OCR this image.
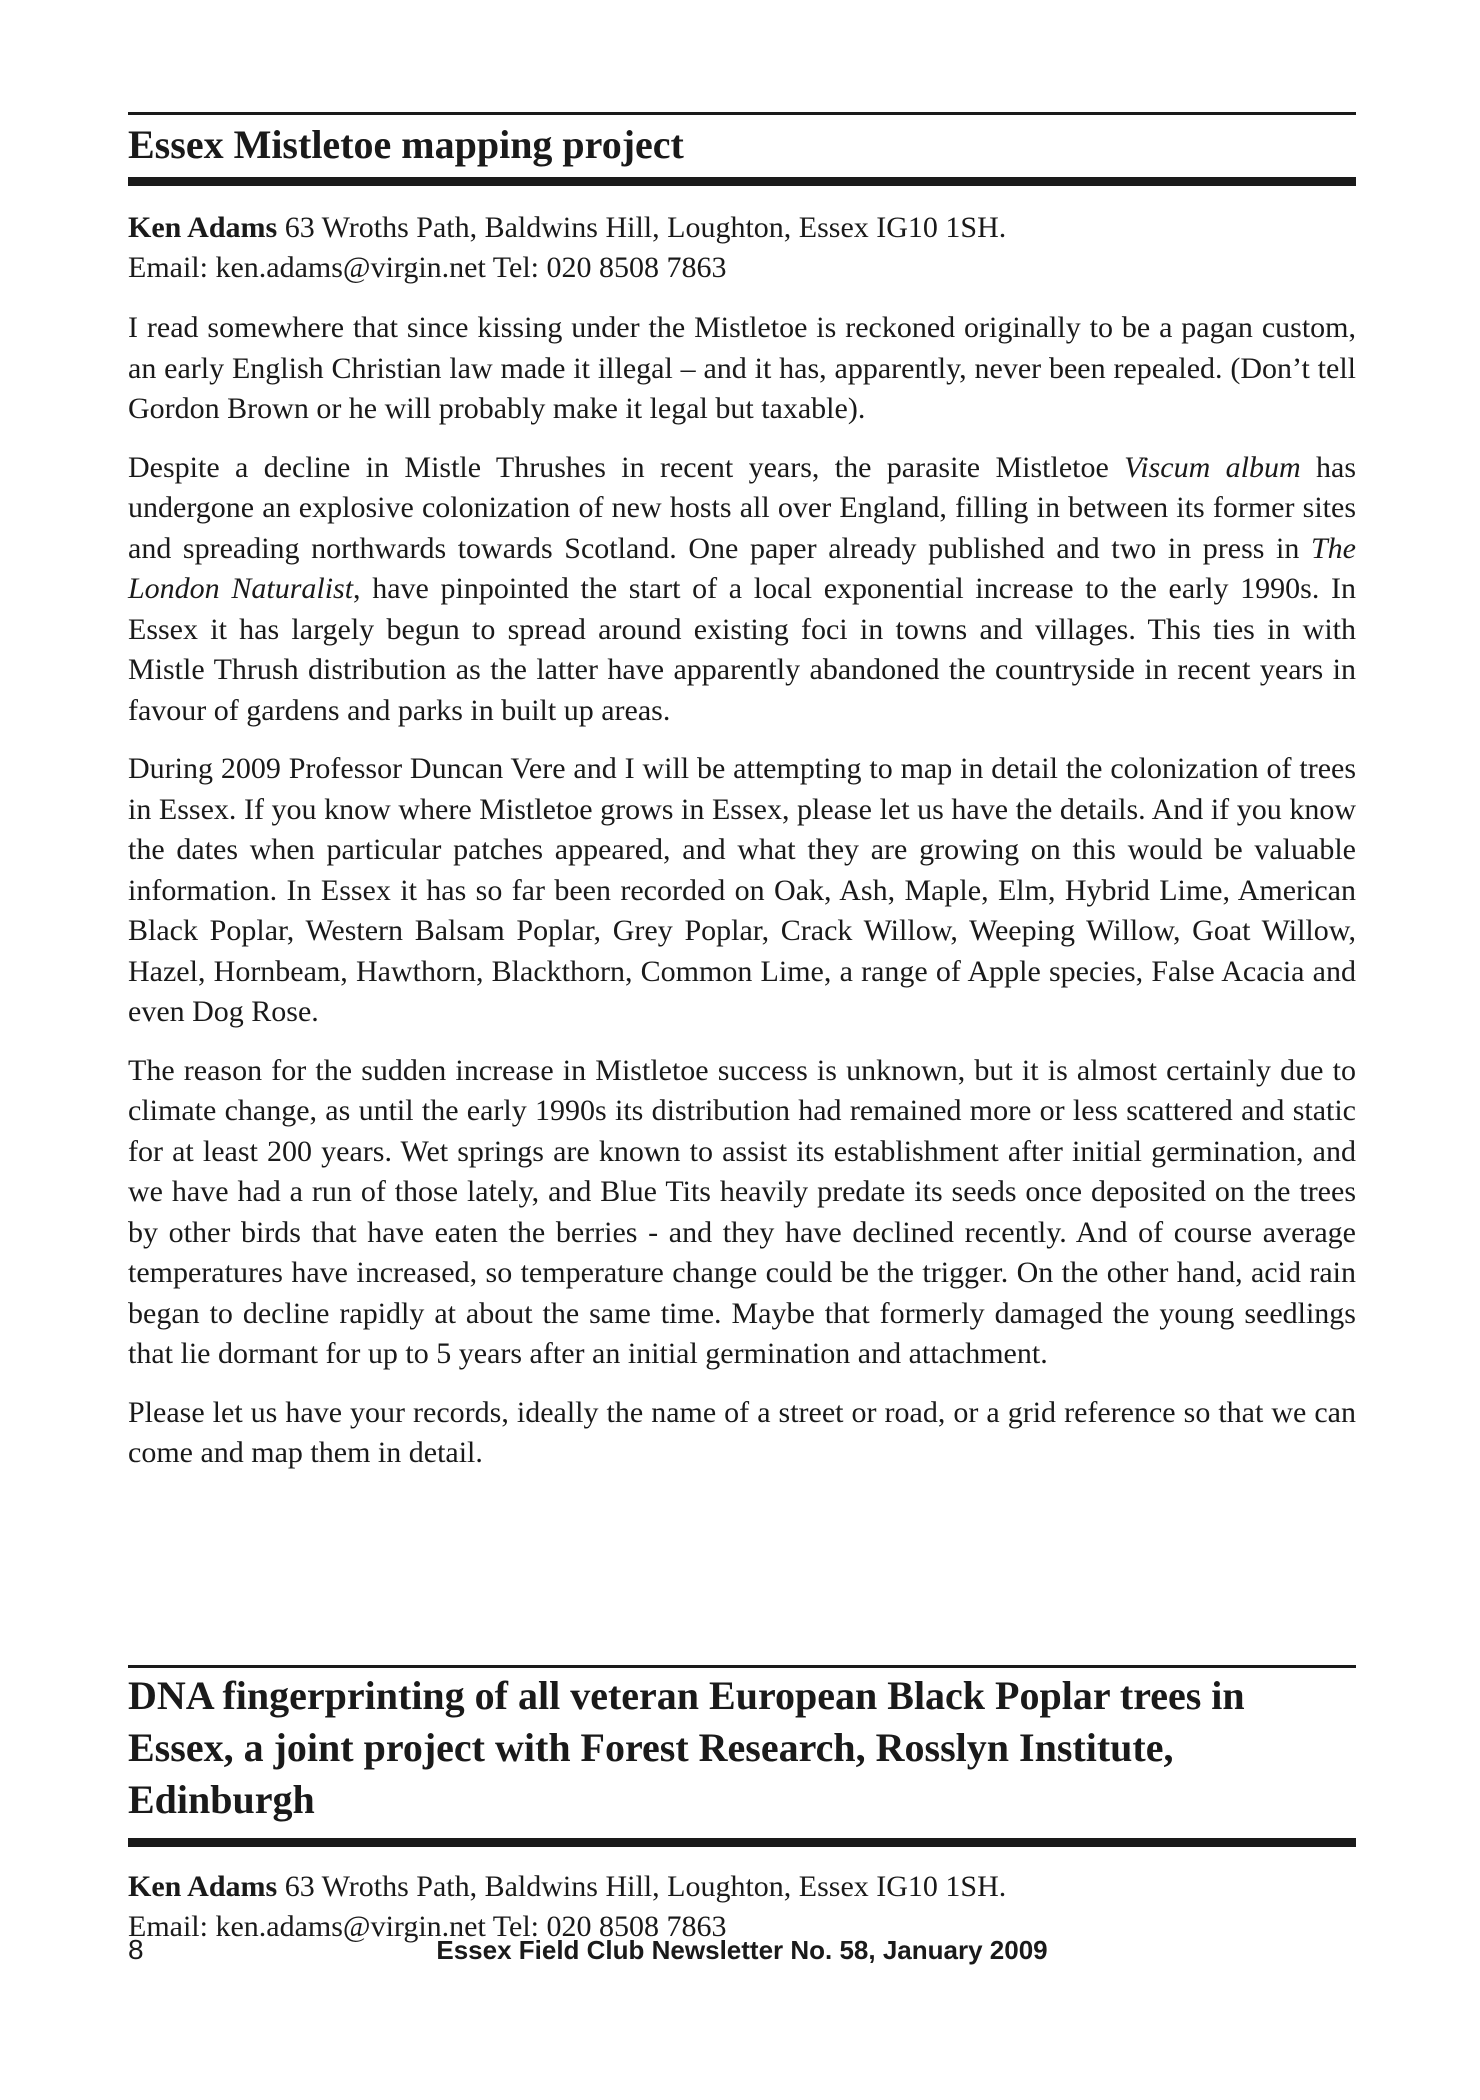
Essex Mistletoe mapping project

Ken Adams 63 Wroths Path, Baldwins Hill, Loughton, Essex IG10 1SH.

Email: ken.adams@virgin.net Tel: 020 8508 7863

I read somewhere that since kissing under the Mistletoe is reckoned originally to be a pagan custom, an early English Christian law made it illegal – and it has, apparently, never been repealed. (Don’t tell Gordon Brown or he will probably make it legal but taxable).

Despite a decline in Mistle Thrushes in recent years, the parasite Mistletoe Viscum album has undergone an explosive colonization of new hosts all over England, filling in between its former sites and spreading northwards towards Scotland. One paper already published and two in press in The London Naturalist, have pinpointed the start of a local exponential increase to the early 1990s. In Essex it has largely begun to spread around existing foci in towns and villages. This ties in with Mistle Thrush distribution as the latter have apparently abandoned the countryside in recent years in favour of gardens and parks in built up areas.

During 2009 Professor Duncan Vere and I will be attempting to map in detail the colonization of trees in Essex. If you know where Mistletoe grows in Essex, please let us have the details. And if you know the dates when particular patches appeared, and what they are growing on this would be valuable information. In Essex it has so far been recorded on Oak, Ash, Maple, Elm, Hybrid Lime, American Black Poplar, Western Balsam Poplar, Grey Poplar, Crack Willow, Weeping Willow, Goat Willow, Hazel, Hornbeam, Hawthorn, Blackthorn, Common Lime, a range of Apple species, False Acacia and even Dog Rose.

The reason for the sudden increase in Mistletoe success is unknown, but it is almost certainly due to climate change, as until the early 1990s its distribution had remained more or less scattered and static for at least 200 years. Wet springs are known to assist its establishment after initial germination, and we have had a run of those lately, and Blue Tits heavily predate its seeds once deposited on the trees by other birds that have eaten the berries - and they have declined recently. And of course average temperatures have increased, so temperature change could be the trigger. On the other hand, acid rain began to decline rapidly at about the same time. Maybe that formerly damaged the young seedlings that lie dormant for up to 5 years after an initial germination and attachment.

Please let us have your records, ideally the name of a street or road, or a grid reference so that we can come and map them in detail.

DNA fingerprinting of all veteran European Black Poplar trees in Essex, a joint project with Forest Research, Rosslyn Institute, Edinburgh

Ken Adams 63 Wroths Path, Baldwins Hill, Loughton, Essex IG10 1SH.

Email: ken.adams@virgin.net Tel: 020 8508 7863

8	Essex Field Club Newsletter No. 58, January 2009
